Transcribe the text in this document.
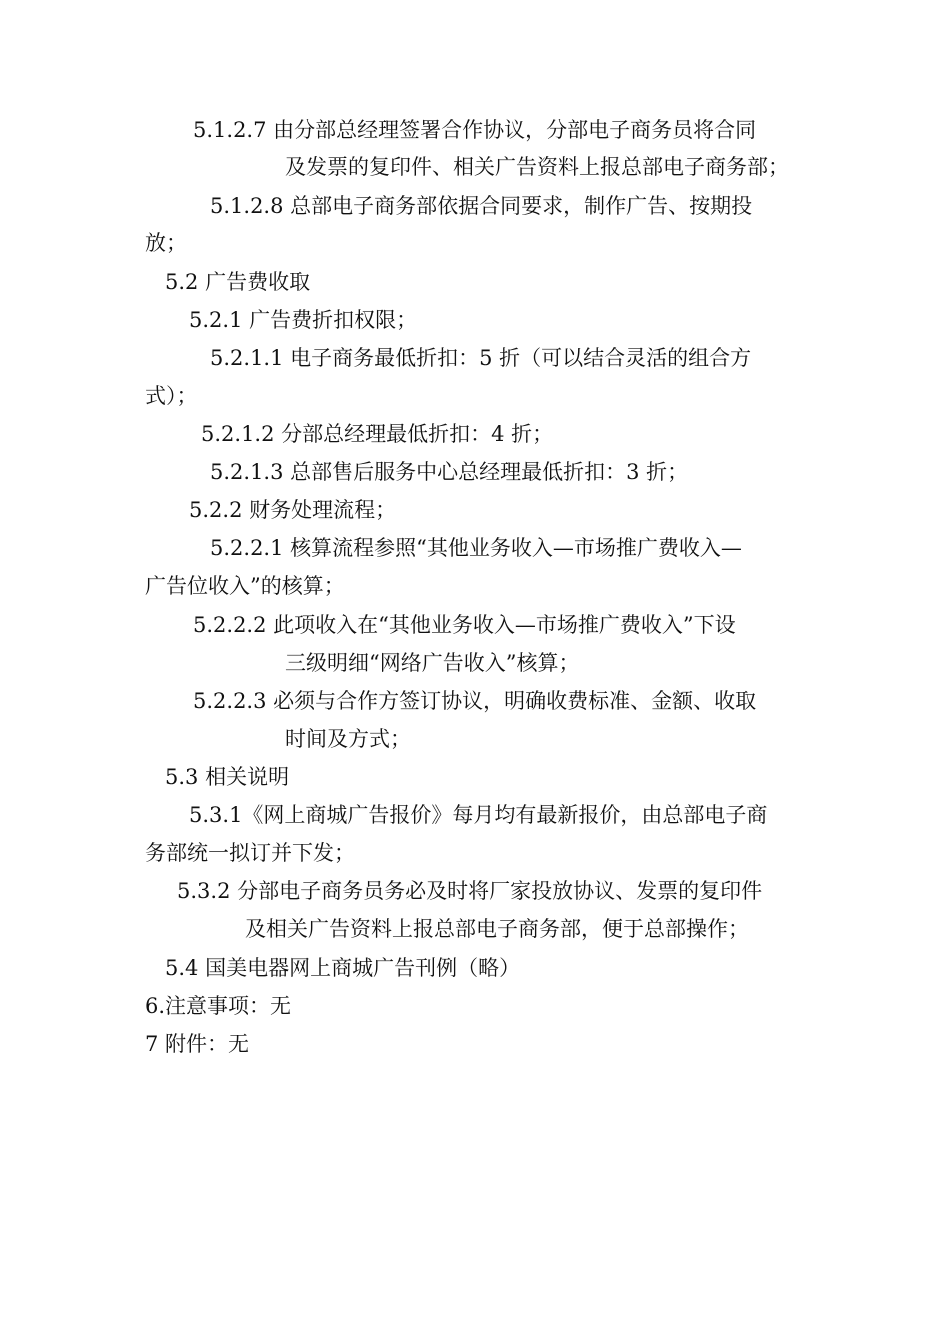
5.1.2.7 由分部总经理签署合作协议，分部电子商务员将合同
及发票的复印件、相关广告资料上报总部电子商务部；
5.1.2.8 总部电子商务部依据合同要求，制作广告、按期投
放；
5.2 广告费收取
5.2.1 广告费折扣权限；
5.2.1.1 电子商务最低折扣：5 折（可以结合灵活的组合方
式）；
5.2.1.2 分部总经理最低折扣：4 折；
5.2.1.3 总部售后服务中心总经理最低折扣：3 折；
5.2.2 财务处理流程；
5.2.2.1 核算流程参照“其他业务收入—市场推广费收入—
广告位收入”的核算；
5.2.2.2 此项收入在“其他业务收入—市场推广费收入”下设
三级明细“网络广告收入”核算；
5.2.2.3 必须与合作方签订协议，明确收费标准、金额、收取
时间及方式；
5.3 相关说明
5.3.1《网上商城广告报价》每月均有最新报价，由总部电子商
务部统一拟订并下发；
5.3.2 分部电子商务员务必及时将厂家投放协议、发票的复印件
及相关广告资料上报总部电子商务部，便于总部操作；
5.4 国美电器网上商城广告刊例（略）
6.注意事项：无
7 附件：无
